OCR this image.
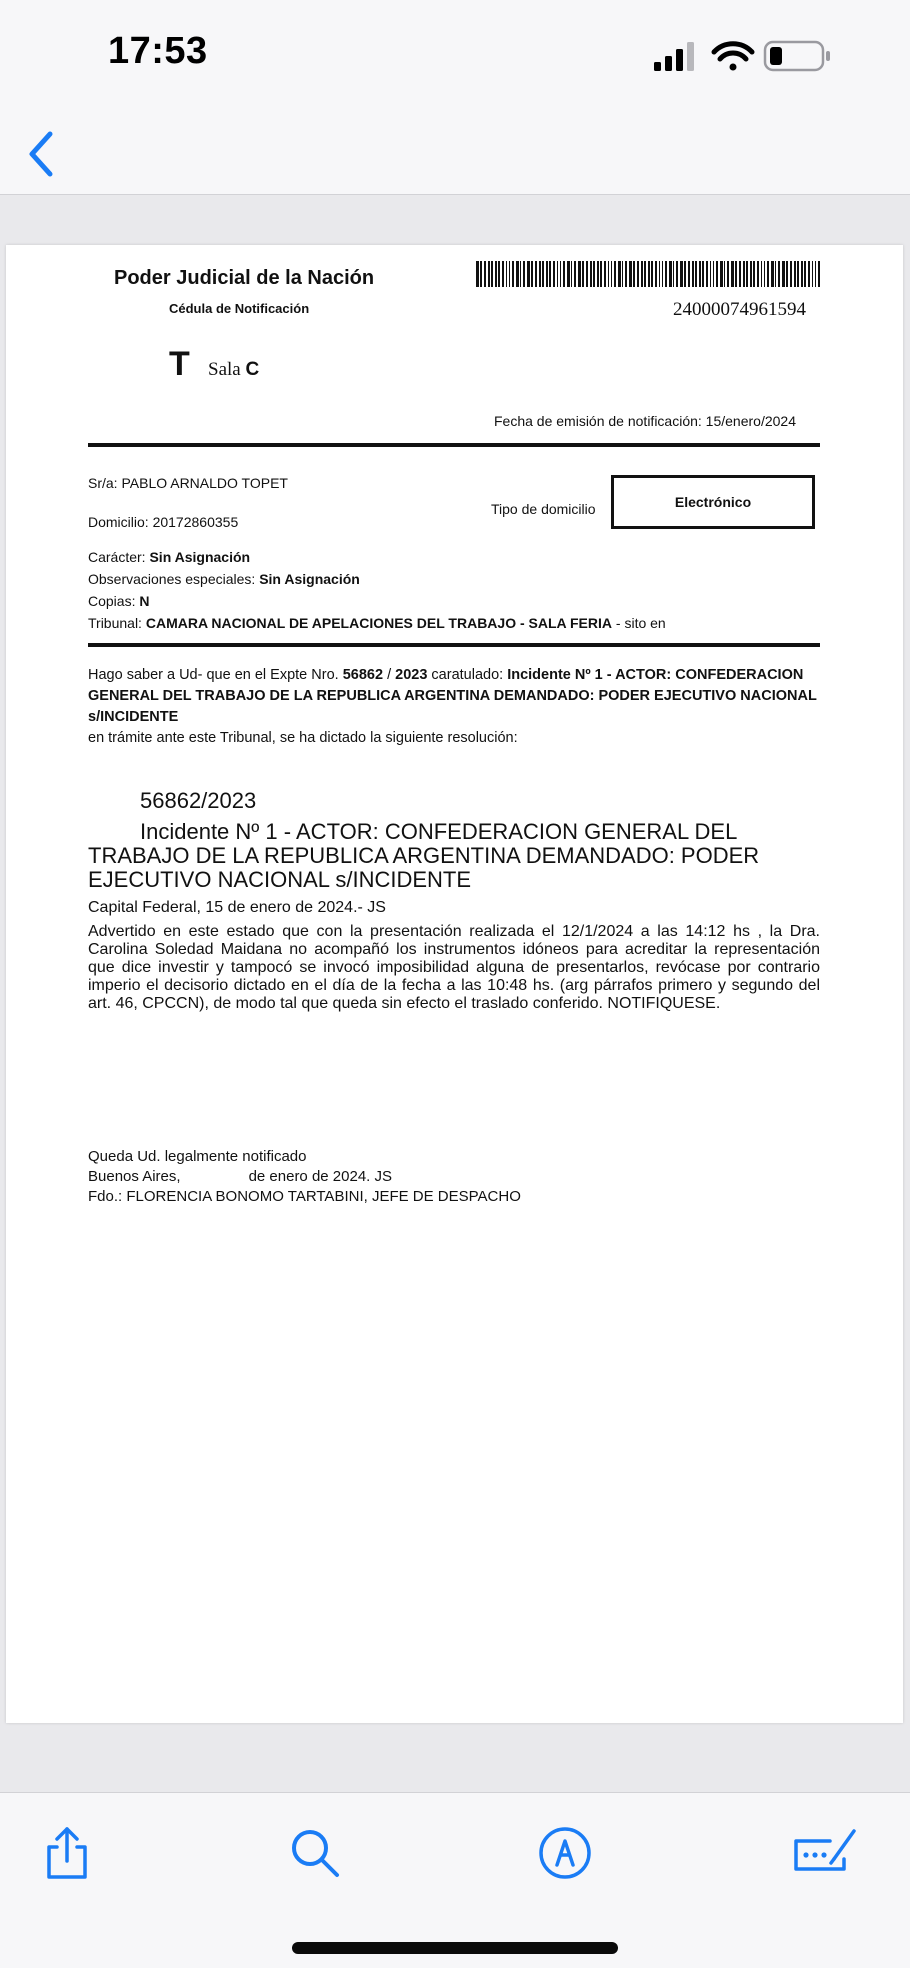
17:53
Poder Judicial de la Nación
Cédula de Notificación	24000074961594
T Sala C
Fecha de emisión de notificación: 15/enero/2024
Sr/a: PABLO ARNALDO TOPET
Domicilio: 20172860355
Tipo de domicilio	Electrónico
Carácter: Sin Asignación
Observaciones especiales: Sin Asignación
Copias: N
Tribunal: CAMARA NACIONAL DE APELACIONES DEL TRABAJO - SALA FERIA - sito en
Hago saber a Ud- que en el Expte Nro. 56862 / 2023 caratulado: Incidente Nº 1 - ACTOR: CONFEDERACION GENERAL DEL TRABAJO DE LA REPUBLICA ARGENTINA DEMANDADO: PODER EJECUTIVO NACIONAL s/INCIDENTE
en trámite ante este Tribunal, se ha dictado la siguiente resolución:
56862/2023
Incidente Nº 1 - ACTOR: CONFEDERACION GENERAL DEL TRABAJO DE LA REPUBLICA ARGENTINA DEMANDADO: PODER EJECUTIVO NACIONAL s/INCIDENTE
Capital Federal, 15 de enero de 2024.- JS
Advertido en este estado que con la presentación realizada el 12/1/2024 a las 14:12 hs , la Dra. Carolina Soledad Maidana no acompañó los instrumentos idóneos para acreditar la representación que dice investir y tampocó se invocó imposibilidad alguna de presentarlos, revócase por contrario imperio el decisorio dictado en el día de la fecha a las 10:48 hs. (arg párrafos primero y segundo del art. 46, CPCCN), de modo tal que queda sin efecto el traslado conferido. NOTIFIQUESE.
Queda Ud. legalmente notificado
Buenos Aires,	de enero de 2024. JS
Fdo.: FLORENCIA BONOMO TARTABINI, JEFE DE DESPACHO
